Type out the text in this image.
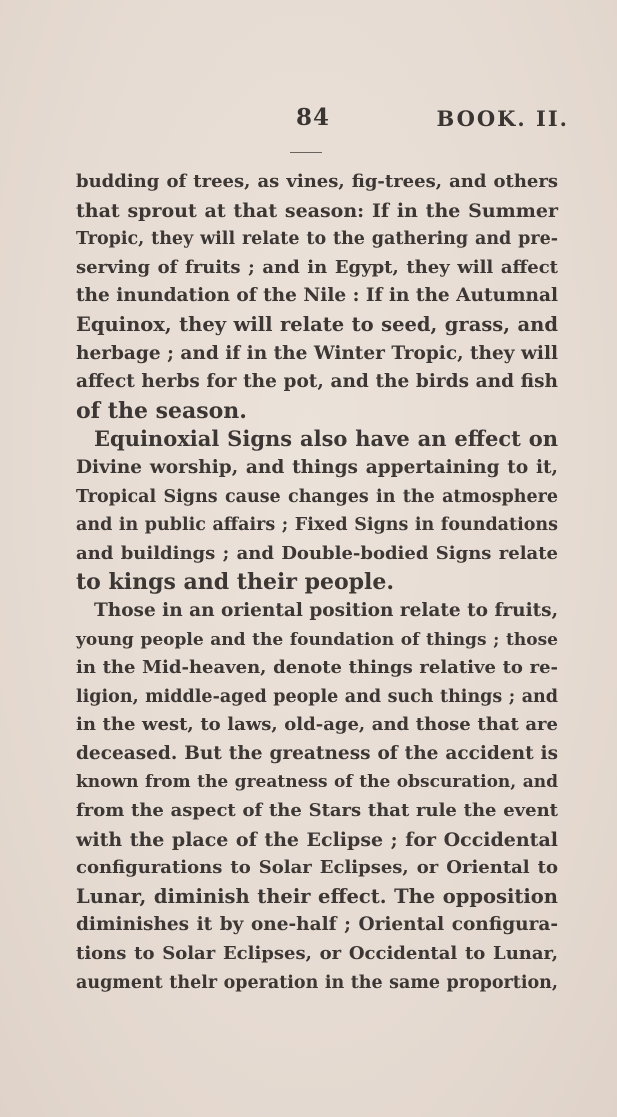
84	BOOK. II.
budding of trees, as vines, fig-trees, and others
that sprout at that season: If in the Summer
Tropic, they will relate to the gathering and pre-
serving of fruits ; and in Egypt, they will affect
the inundation of the Nile : If in the Autumnal
Equinox, they will relate to seed, grass, and
herbage ; and if in the Winter Tropic, they will
affect herbs for the pot, and the birds and fish
of the season.
Equinoxial Signs also have an effect on
Divine worship, and things appertaining to it,
Tropical Signs cause changes in the atmosphere
and in public affairs ; Fixed Signs in foundations
and buildings ; and Double-bodied Signs relate
to kings and their people.
Those in an oriental position relate to fruits,
young people and the foundation of things ; those
in the Mid-heaven, denote things relative to re-
ligion, middle-aged people and such things ; and
in the west, to laws, old-age, and those that are
deceased. But the greatness of the accident is
known from the greatness of the obscuration, and
from the aspect of the Stars that rule the event
with the place of the Eclipse ; for Occidental
configurations to Solar Eclipses, or Oriental to
Lunar, diminish their effect. The opposition
diminishes it by one-half ; Oriental configura-
tions to Solar Eclipses, or Occidental to Lunar,
augment thelr operation in the same proportion,
